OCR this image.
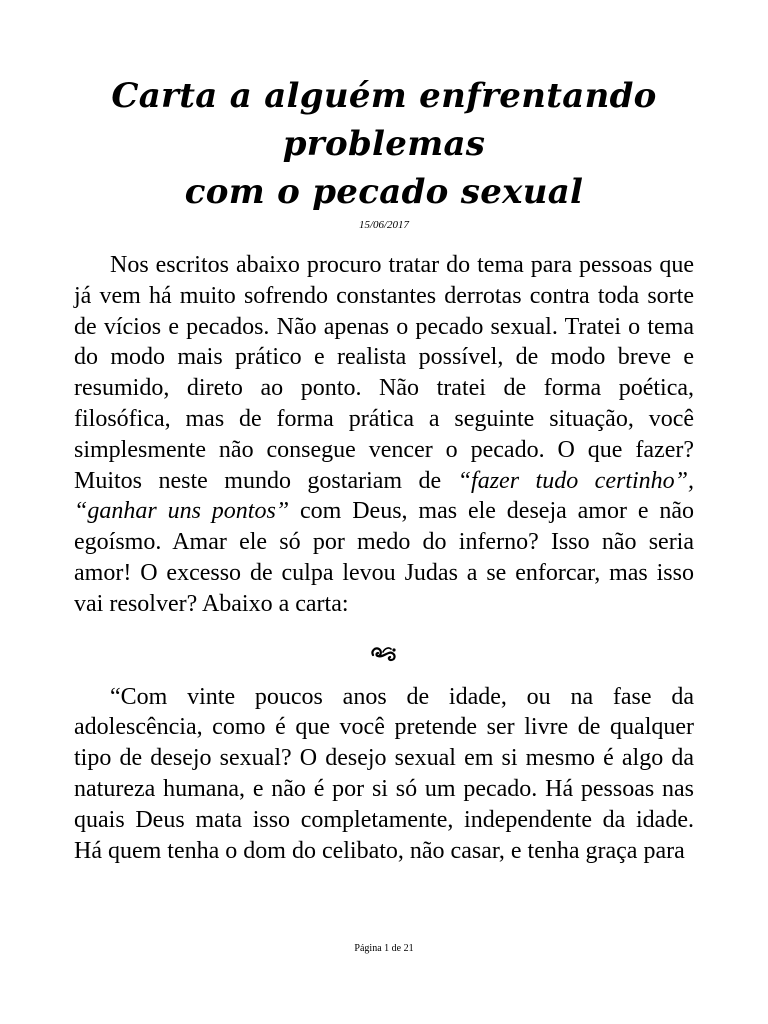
Carta a alguém enfrentando problemas
com o pecado sexual
15/06/2017

Nos escritos abaixo procuro tratar do tema para pessoas que já vem há muito sofrendo constantes derrotas contra toda sorte de vícios e pecados. Não apenas o pecado sexual. Tratei o tema do modo mais prático e realista possível, de modo breve e resumido, direto ao ponto. Não tratei de forma poética, filosófica, mas de forma prática a seguinte situação, você simplesmente não consegue vencer o pecado. O que fazer? Muitos neste mundo gostariam de “fazer tudo certinho”, “ganhar uns pontos” com Deus, mas ele deseja amor e não egoísmo. Amar ele só por medo do inferno? Isso não seria amor! O excesso de culpa levou Judas a se enforcar, mas isso vai resolver? Abaixo a carta:

“Com vinte poucos anos de idade, ou na fase da adolescência, como é que você pretende ser livre de qualquer tipo de desejo sexual? O desejo sexual em si mesmo é algo da natureza humana, e não é por si só um pecado. Há pessoas nas quais Deus mata isso completamente, independente da idade. Há quem tenha o dom do celibato, não casar, e tenha graça para

Página 1 de 21
